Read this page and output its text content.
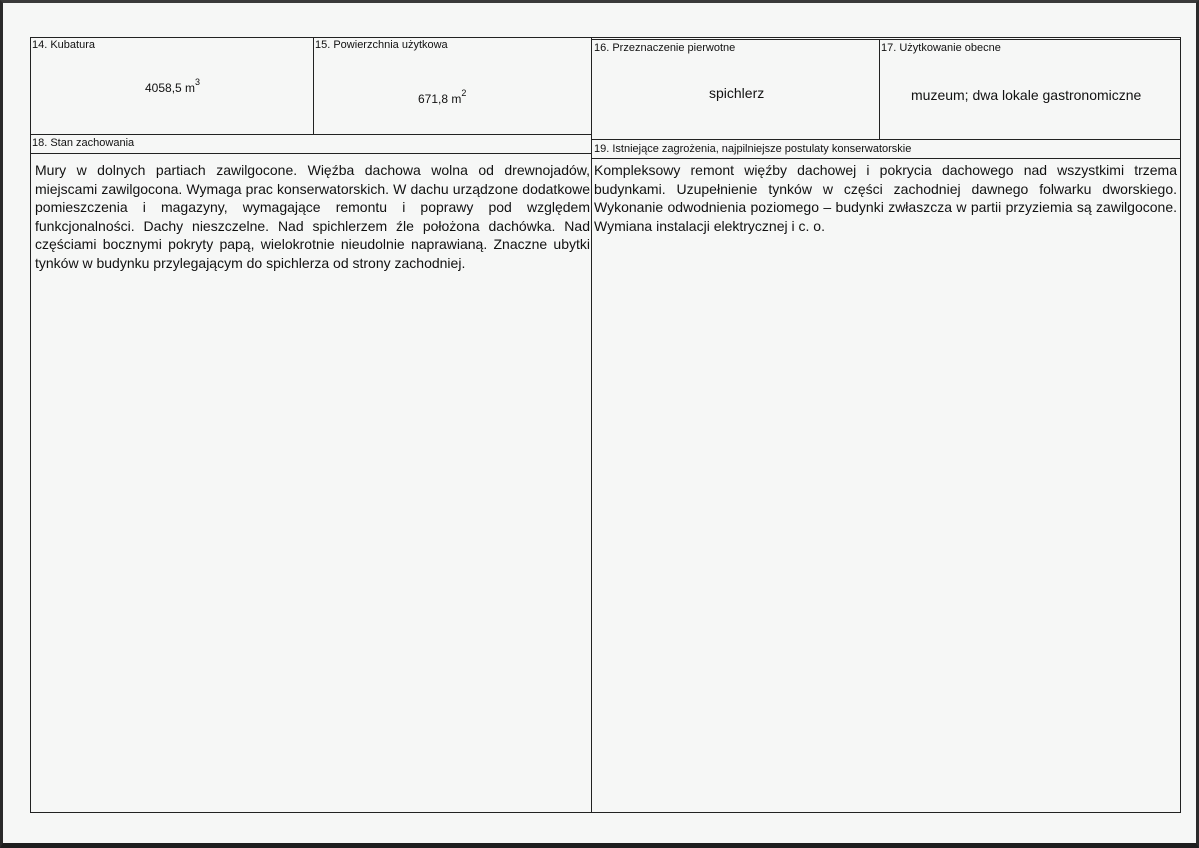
14. Kubatura
4058,5 $m^3$
15. Powierzchnia użytkowa
671,8 $m^2$
16. Przeznaczenie pierwotne
spichlerz
17. Użytkowanie obecne
muzeum; dwa lokale gastronomiczne
18. Stan zachowania
Mury w dolnych partiach zawilgocone. Więźba dachowa wolna od drewnojadów, miejscami zawilgocona. Wymaga prac konserwatorskich. W dachu urządzone dodatkowe pomieszczenia i magazyny, wymagające remontu i poprawy pod względem funkcjonalności. Dachy nieszczelne. Nad spichlerzem źle położona dachówka. Nad częściami bocznymi pokryty papą, wielokrotnie nieudolnie naprawianą. Znaczne ubytki tynków w budynku przylegającym do spichlerza od strony zachodniej.
19. Istniejące zagrożenia, najpilniejsze postulaty konserwatorskie
Kompleksowy remont więźby dachowej i pokrycia dachowego nad wszystkimi trzema budynkami. Uzupełnienie tynków w części zachodniej dawnego folwarku dworskiego. Wykonanie odwodnienia poziomego – budynki zwłaszcza w partii przyziemia są zawilgocone. Wymiana instalacji elektrycznej i c. o.
